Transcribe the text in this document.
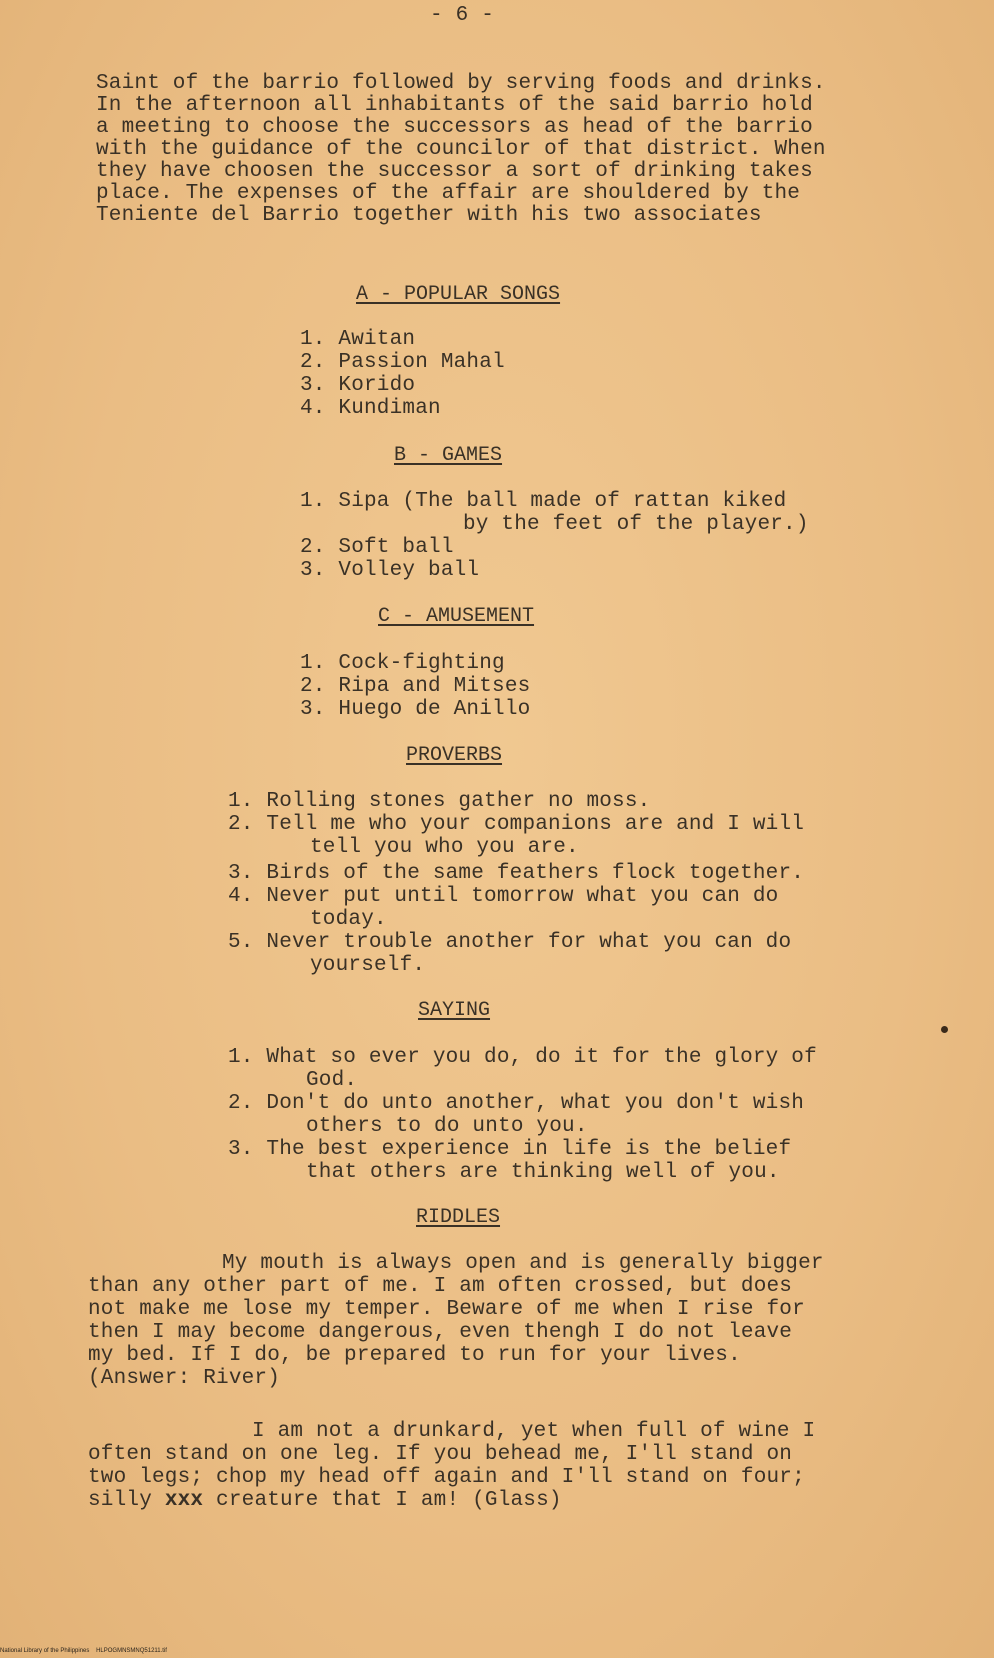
- 6 -
Saint of the barrio followed by serving foods and drinks.
In the afternoon all inhabitants of the said barrio hold
a meeting to choose the successors as head of the barrio
with the guidance of the councilor of that district. When
they have choosen the successor a sort of drinking takes
place. The expenses of the affair are shouldered by the
Teniente del Barrio together with his two associates
A - POPULAR SONGS
1. Awitan
2. Passion Mahal
3. Korido
4. Kundiman
B - GAMES
1. Sipa (The ball made of rattan kiked
by the feet of the player.)
2. Soft ball
3. Volley ball
C - AMUSEMENT
1. Cock-fighting
2. Ripa and Mitses
3. Huego de Anillo
PROVERBS
1. Rolling stones gather no moss.
2. Tell me who your companions are and I will
tell you who you are.
3. Birds of the same feathers flock together.
4. Never put until tomorrow what you can do
today.
5. Never trouble another for what you can do
yourself.
SAYING
1. What so ever you do, do it for the glory of
God.
2. Don't do unto another, what you don't wish
others to do unto you.
3. The best experience in life is the belief
that others are thinking well of you.
RIDDLES
My mouth is always open and is generally bigger
than any other part of me. I am often crossed, but does
not make me lose my temper. Beware of me when I rise for
then I may become dangerous, even thengh I do not leave
my bed. If I do, be prepared to run for your lives.
(Answer: River)
I am not a drunkard, yet when full of wine I
often stand on one leg. If you behead me, I'll stand on
two legs; chop my head off again and I'll stand on four;
silly xxx creature that I am! (Glass)
National Library of the Philippines HLPOGMNSMNQ51211.tif
